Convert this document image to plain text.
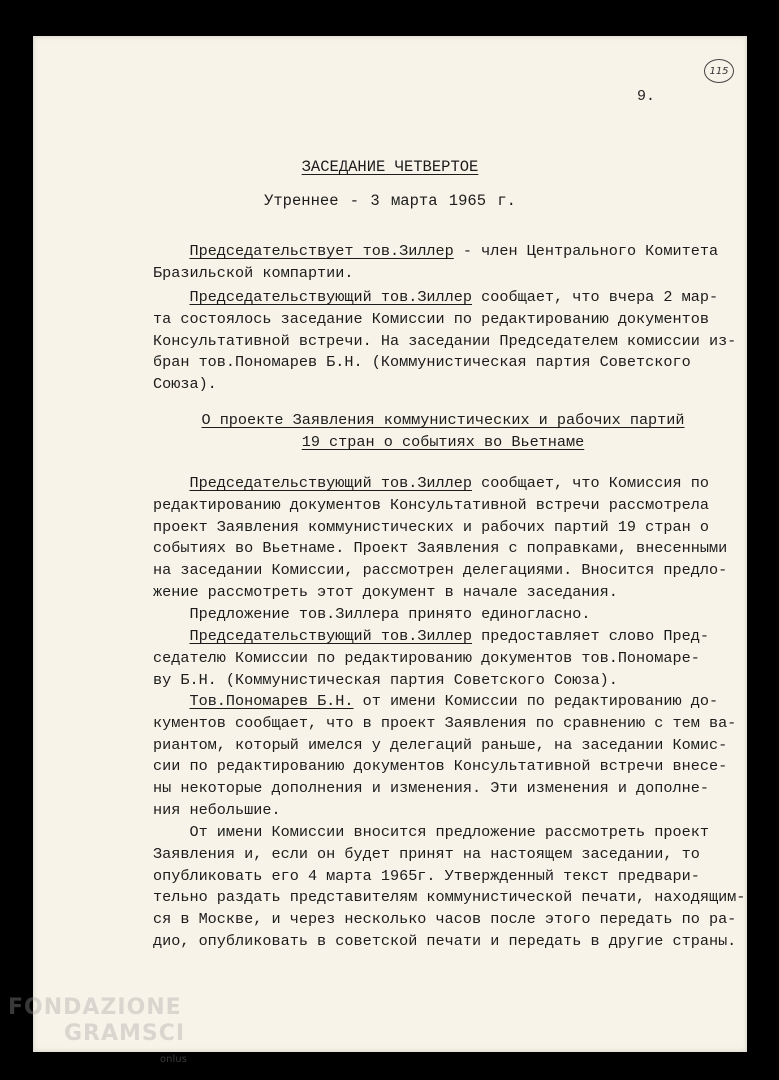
115
9.
ЗАСЕДАНИЕ ЧЕТВЕРТОЕ
Утреннее - 3 марта 1965 г.
Председательствует тов.Зиллер - член Центрального Комитета
Бразильской компартии.
Председательствующий тов.Зиллер сообщает, что вчера 2 мар-
та состоялось заседание Комиссии по редактированию документов
Консультативной встречи. На заседании Председателем комиссии из-
бран тов.Пономарев Б.Н. (Коммунистическая партия Советского
Союза).
О проекте Заявления коммунистических и рабочих партий
19 стран о событиях во Вьетнаме
Председательствующий тов.Зиллер сообщает, что Комиссия по
редактированию документов Консультативной встречи рассмотрела
проект Заявления коммунистических и рабочих партий 19 стран о
событиях во Вьетнаме. Проект Заявления с поправками, внесенными
на заседании Комиссии, рассмотрен делегациями. Вносится предло-
жение рассмотреть этот документ в начале заседания.
Предложение тов.Зиллера принято единогласно.
Председательствующий тов.Зиллер предоставляет слово Пред-
седателю Комиссии по редактированию документов тов.Пономаре-
ву Б.Н. (Коммунистическая партия Советского Союза).
Тов.Пономарев Б.Н. от имени Комиссии по редактированию до-
кументов сообщает, что в проект Заявления по сравнению с тем ва-
риантом, который имелся у делегаций раньше, на заседании Комис-
сии по редактированию документов Консультативной встречи внесе-
ны некоторые дополнения и изменения. Эти изменения и дополне-
ния небольшие.
От имени Комиссии вносится предложение рассмотреть проект
Заявления и, если он будет принят на настоящем заседании, то
опубликовать его 4 марта 1965г. Утвержденный текст предвари-
тельно раздать представителям коммунистической печати, находящим-
ся в Москве, и через несколько часов после этого передать по ра-
дио, опубликовать в советской печати и передать в другие страны.
FONDAZIONE
GRAMSCI
onlus
